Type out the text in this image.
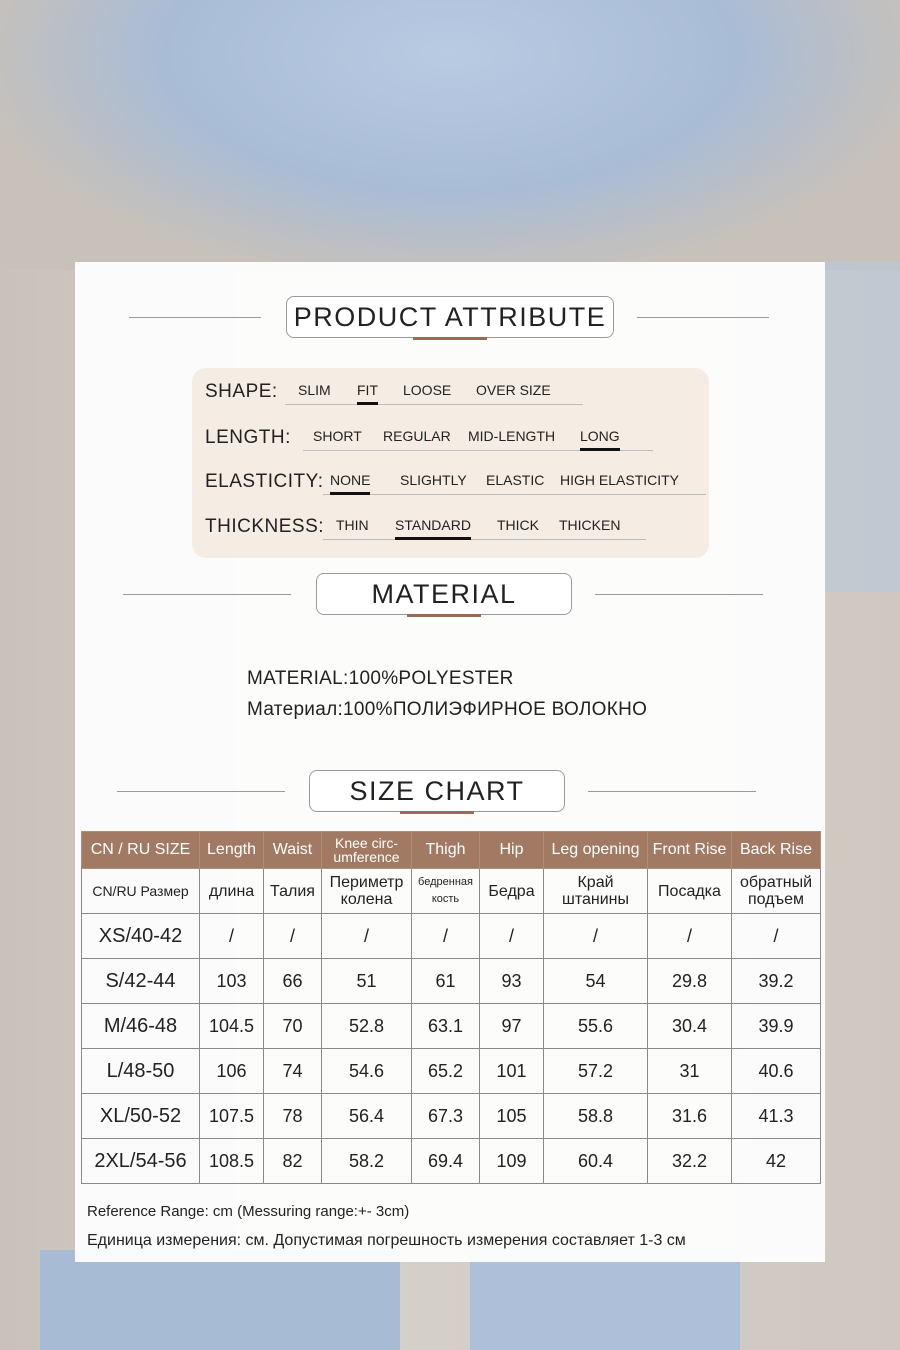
PRODUCT ATTRIBUTE
SHAPE: SLIM FIT LOOSE OVER SIZE
LENGTH: SHORT REGULAR MID-LENGTH LONG
ELASTICITY: NONE SLIGHTLY ELASTIC HIGH ELASTICITY
THICKNESS: THIN STANDARD THICK THICKEN
MATERIAL
MATERIAL:100%POLYESTER
Материал:100%ПОЛИЭФИРНОЕ ВОЛОКНО
SIZE CHART
CN / RU SIZE	Length	Waist	Knee circ-umference	Thigh	Hip	Leg opening	Front Rise	Back Rise
CN/RU Размер	длина	Талия	Периметр колена	бедренная кость	Бедра	Край штанины	Посадка	обратный подъем
XS/40-42	/	/	/	/	/	/	/	/
S/42-44	103	66	51	61	93	54	29.8	39.2
M/46-48	104.5	70	52.8	63.1	97	55.6	30.4	39.9
L/48-50	106	74	54.6	65.2	101	57.2	31	40.6
XL/50-52	107.5	78	56.4	67.3	105	58.8	31.6	41.3
2XL/54-56	108.5	82	58.2	69.4	109	60.4	32.2	42
Reference Range: cm (Messuring range:+- 3cm)
Единица измерения: см. Допустимая погрешность измерения составляет 1-3 см
